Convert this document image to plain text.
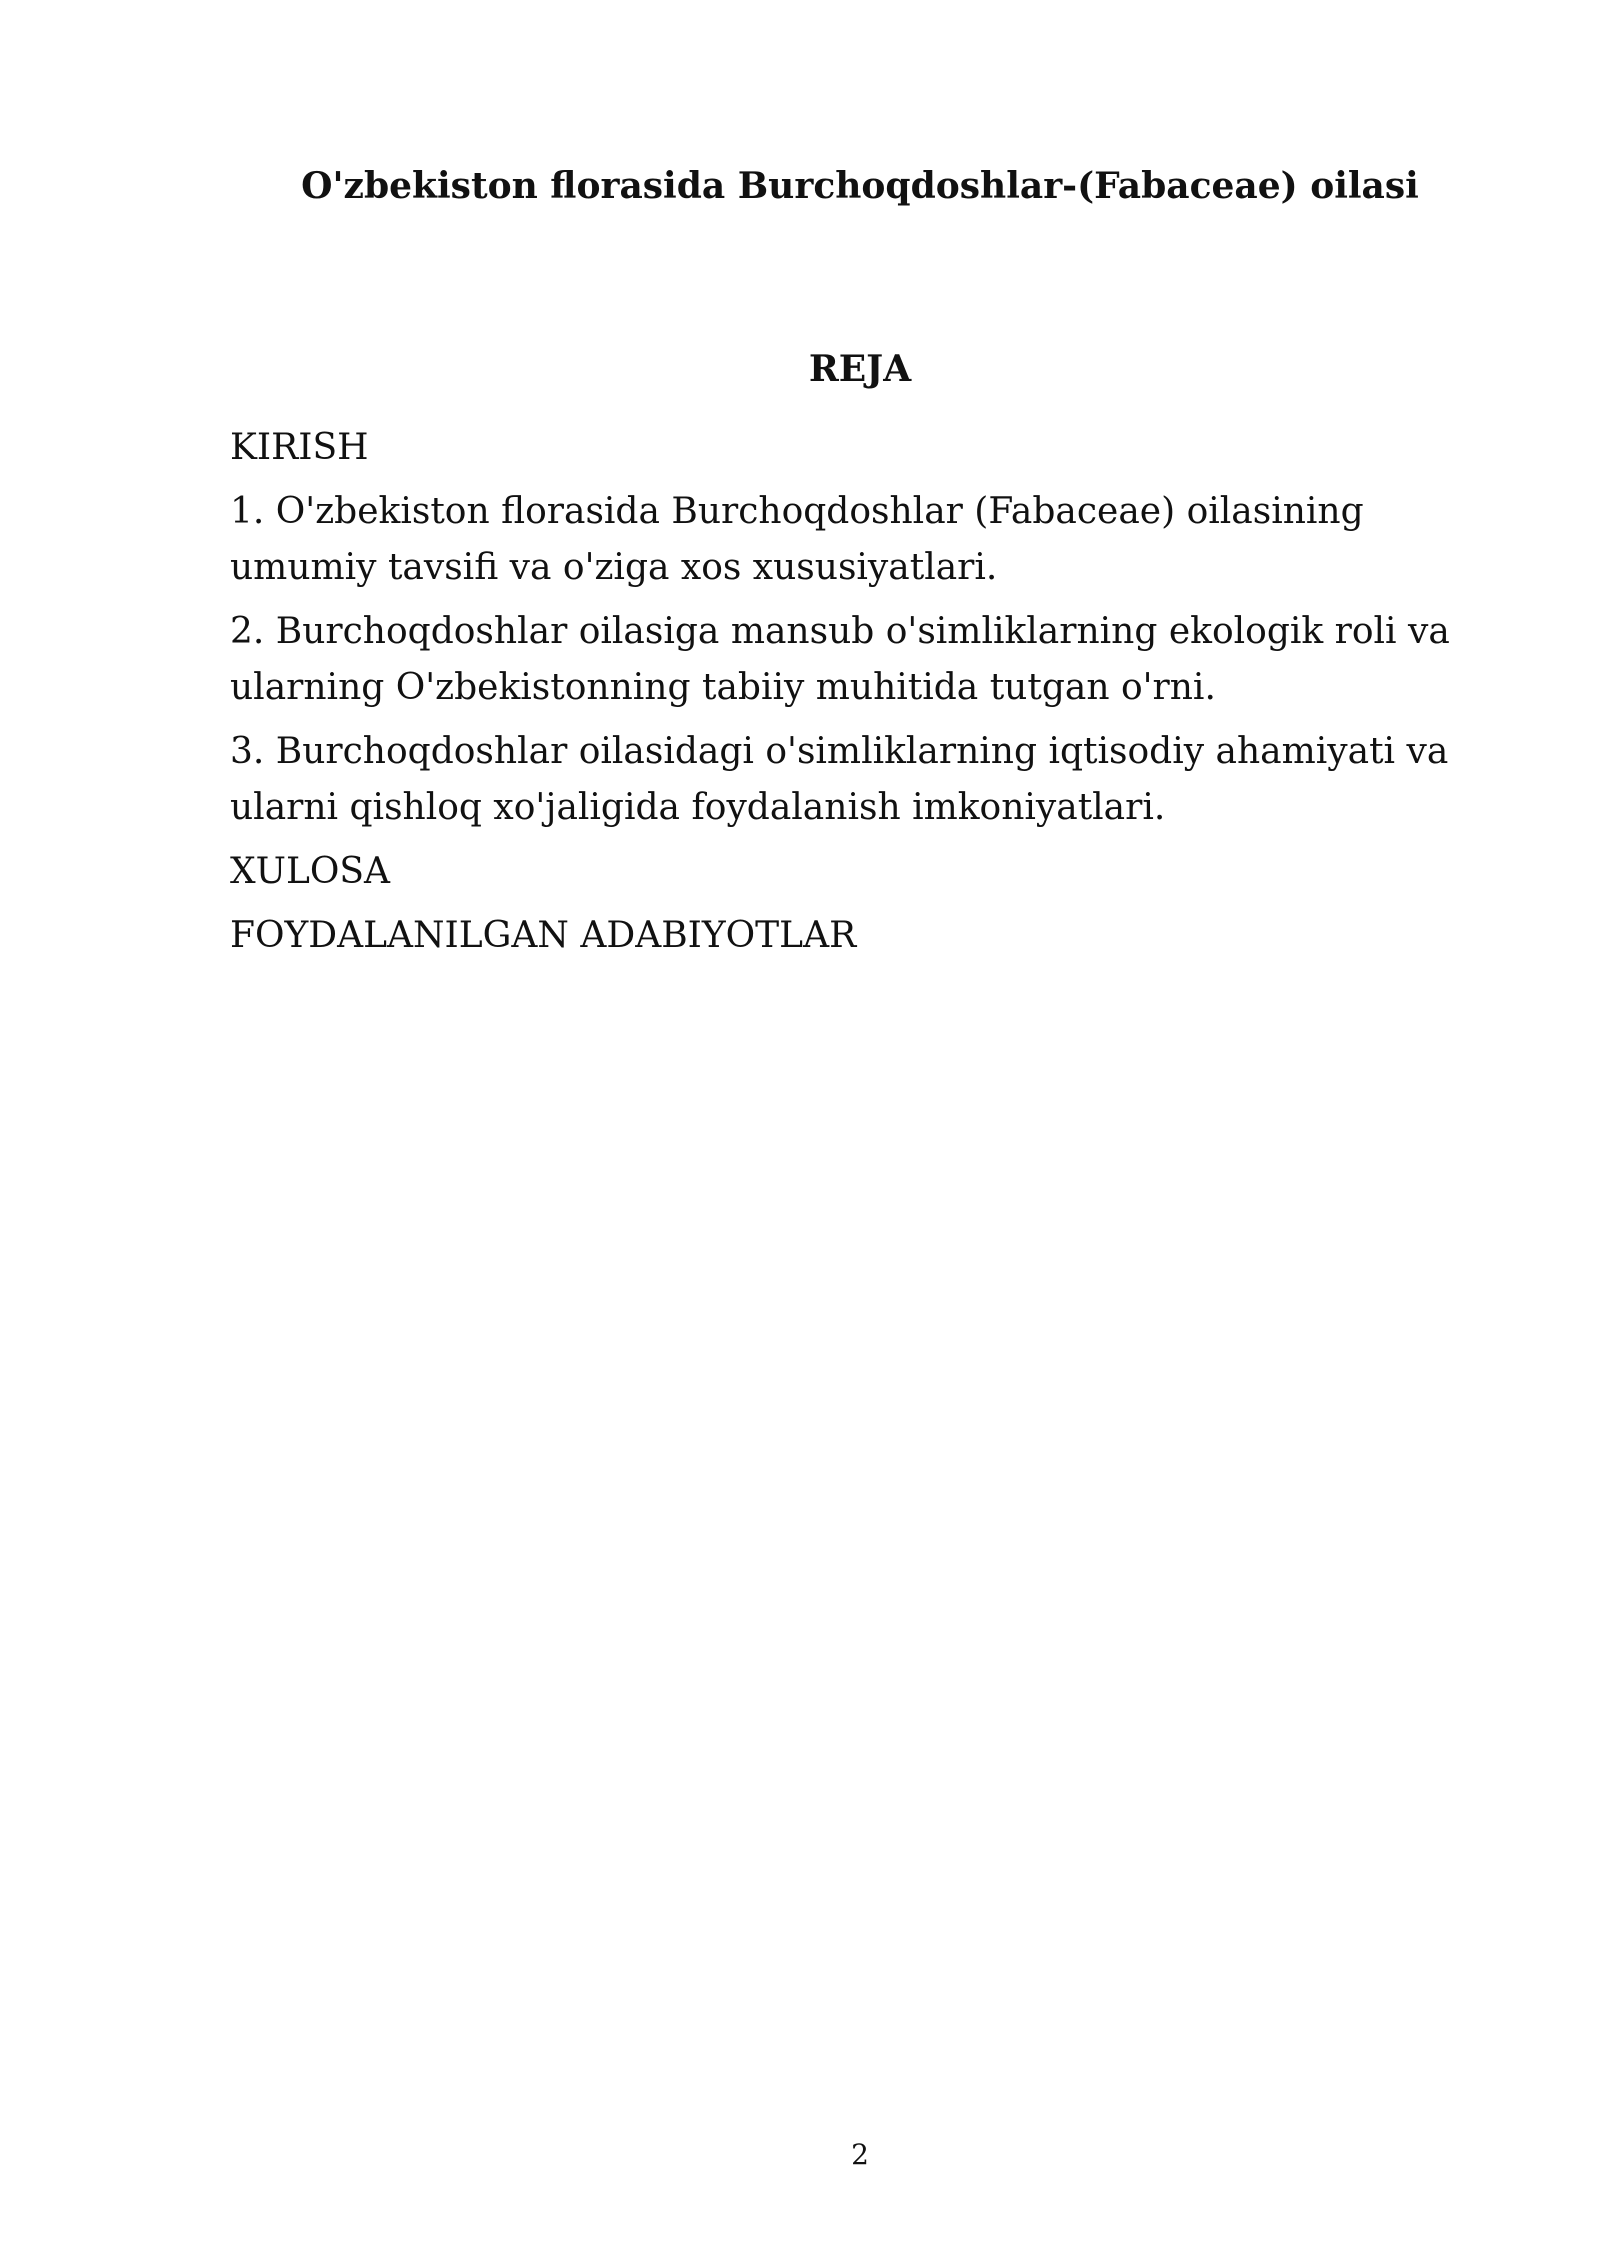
O'zbekiston florasida Burchoqdoshlar-(Fabaceae) oilasi
REJA
KIRISH
1. O'zbekiston florasida Burchoqdoshlar (Fabaceae) oilasining umumiy tavsifi va o'ziga xos xususiyatlari.
2. Burchoqdoshlar oilasiga mansub o'simliklarning ekologik roli va ularning O'zbekistonning tabiiy muhitida tutgan o'rni.
3. Burchoqdoshlar oilasidagi o'simliklarning iqtisodiy ahamiyati va ularni qishloq xo'jaligida foydalanish imkoniyatlari.
XULOSA
FOYDALANILGAN ADABIYOTLAR
2
